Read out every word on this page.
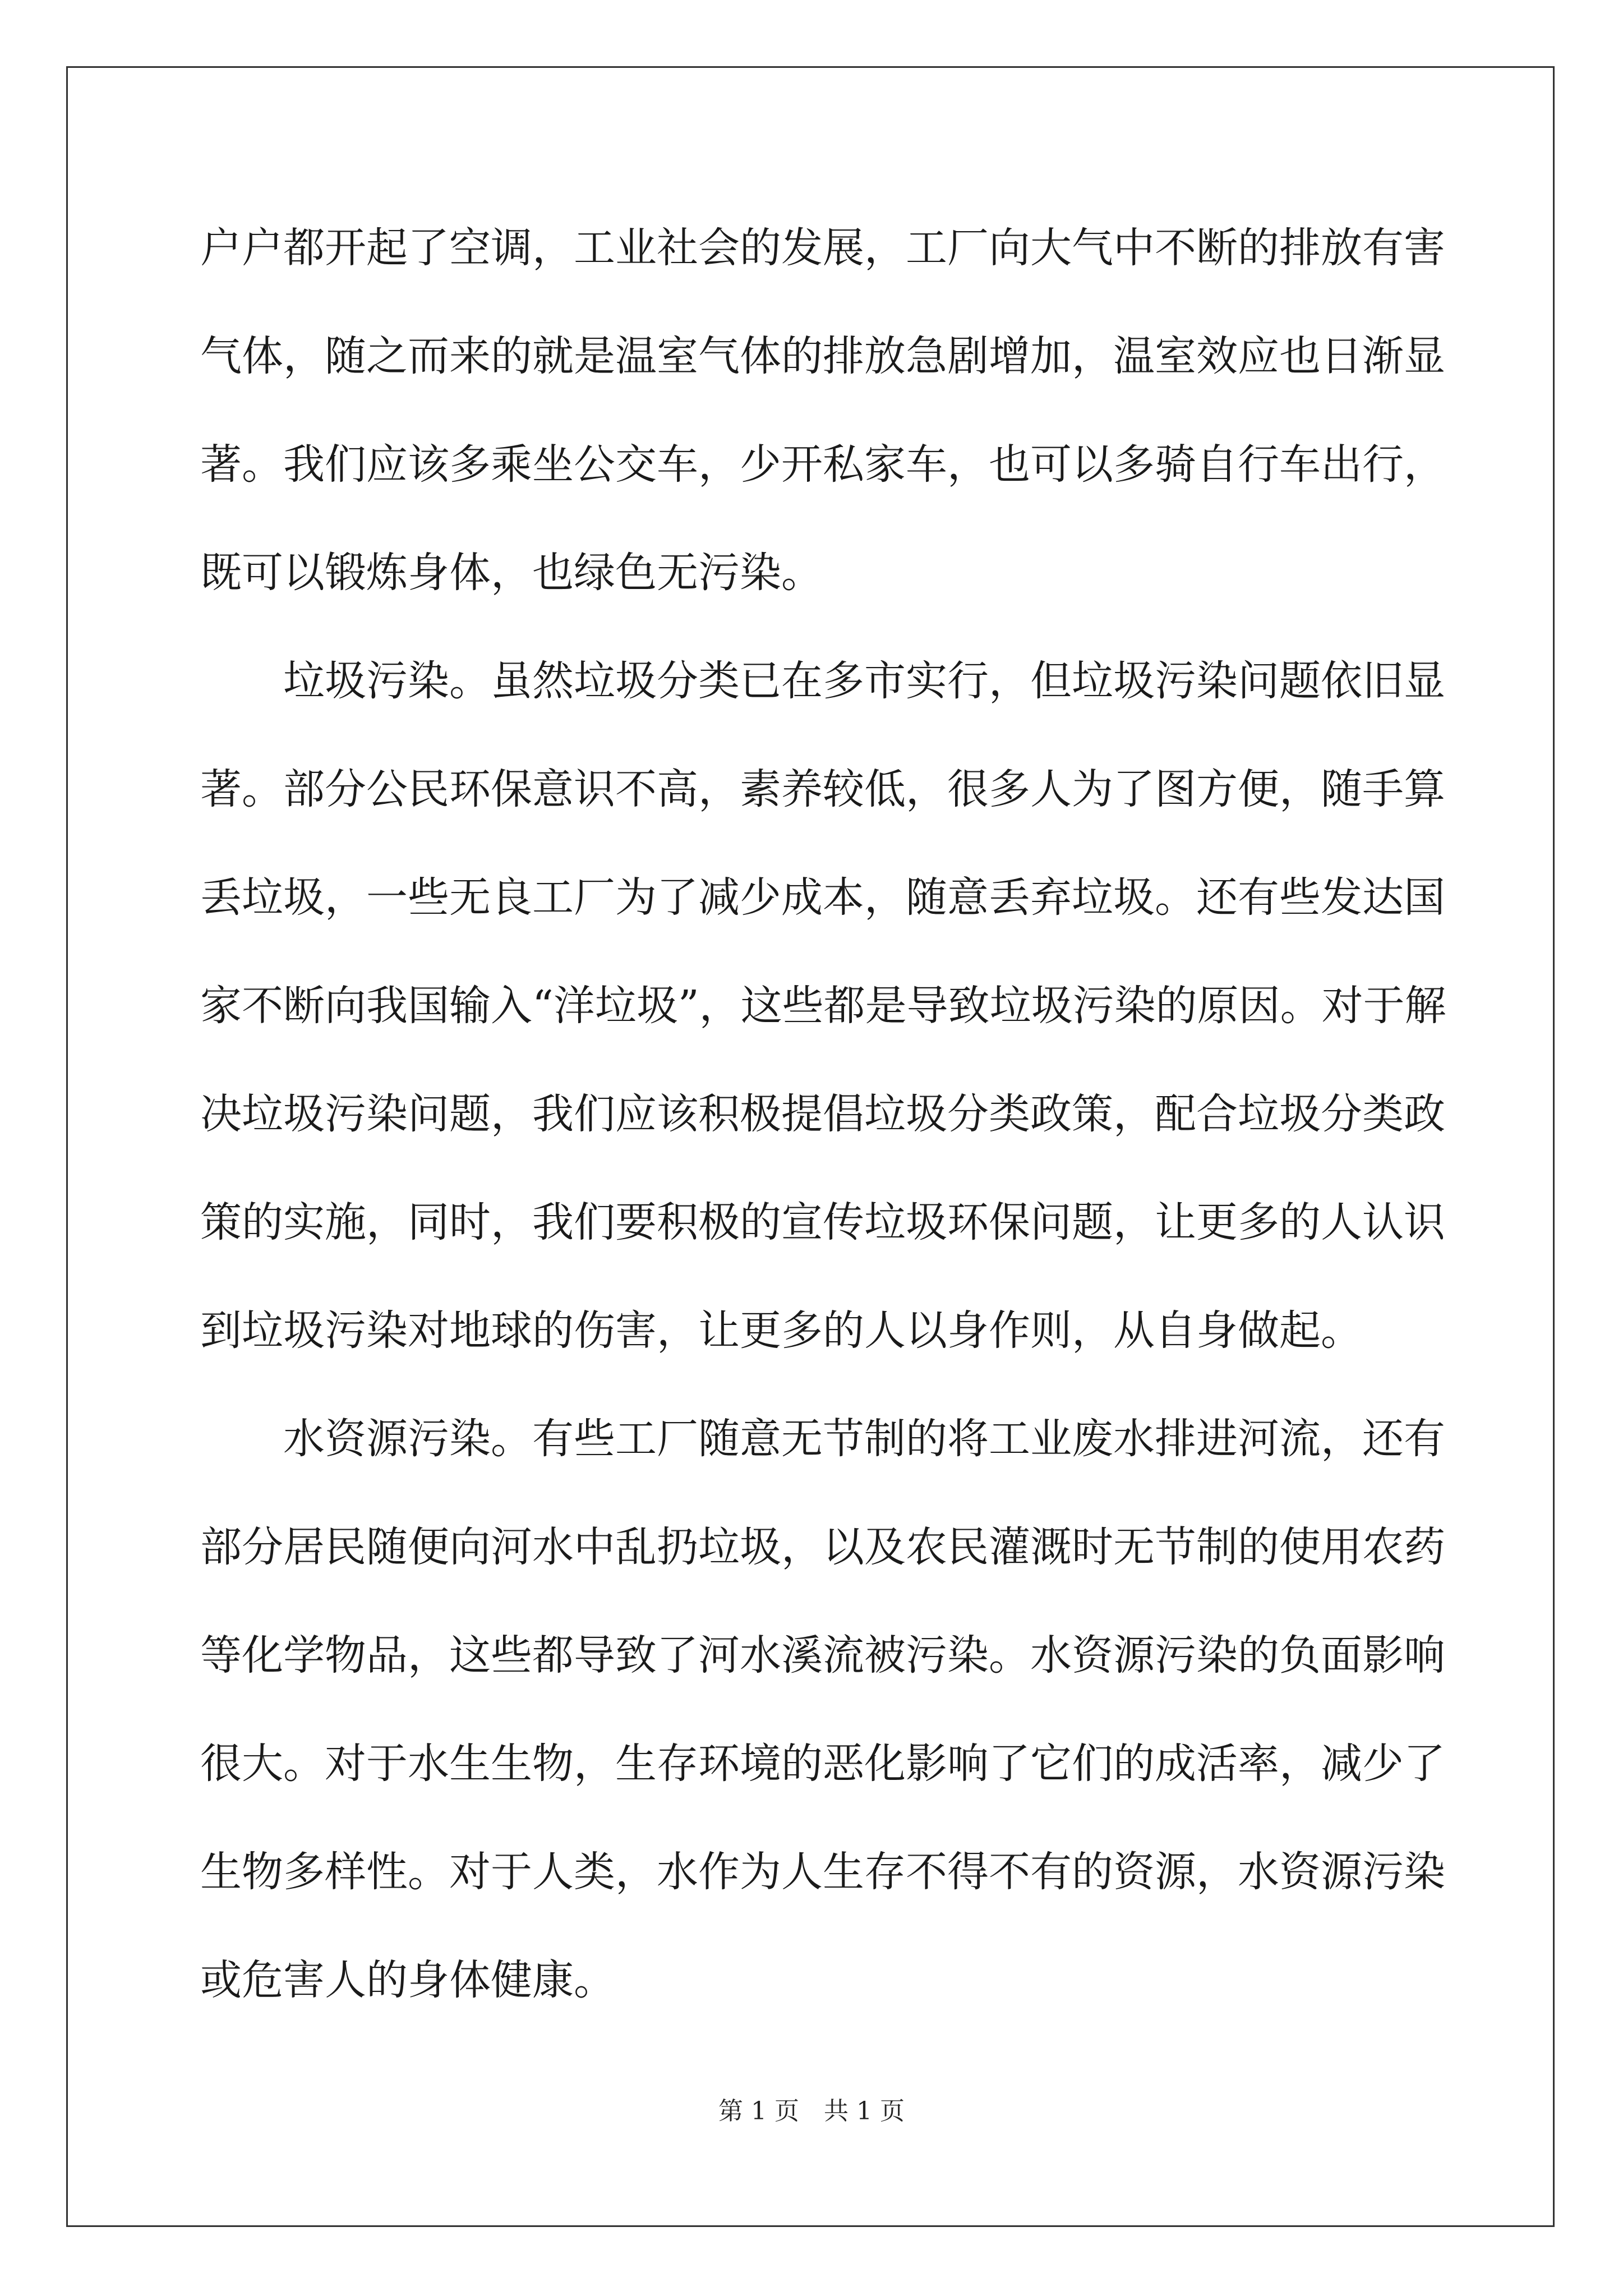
户户都开起了空调，工业社会的发展，工厂向大气中不断的排放有害
气体，随之而来的就是温室气体的排放急剧增加，温室效应也日渐显
著。我们应该多乘坐公交车，少开私家车，也可以多骑自行车出行，
既可以锻炼身体，也绿色无污染。
　　垃圾污染。虽然垃圾分类已在多市实行，但垃圾污染问题依旧显
著。部分公民环保意识不高，素养较低，很多人为了图方便，随手算
丢垃圾，一些无良工厂为了减少成本，随意丢弃垃圾。还有些发达国
家不断向我国输入“洋垃圾”，这些都是导致垃圾污染的原因。对于解
决垃圾污染问题，我们应该积极提倡垃圾分类政策，配合垃圾分类政
策的实施，同时，我们要积极的宣传垃圾环保问题，让更多的人认识
到垃圾污染对地球的伤害，让更多的人以身作则，从自身做起。
　　水资源污染。有些工厂随意无节制的将工业废水排进河流，还有
部分居民随便向河水中乱扔垃圾，以及农民灌溉时无节制的使用农药
等化学物品，这些都导致了河水溪流被污染。水资源污染的负面影响
很大。对于水生生物，生存环境的恶化影响了它们的成活率，减少了
生物多样性。对于人类，水作为人生存不得不有的资源，水资源污染
或危害人的身体健康。
第 1 页　共 1 页
